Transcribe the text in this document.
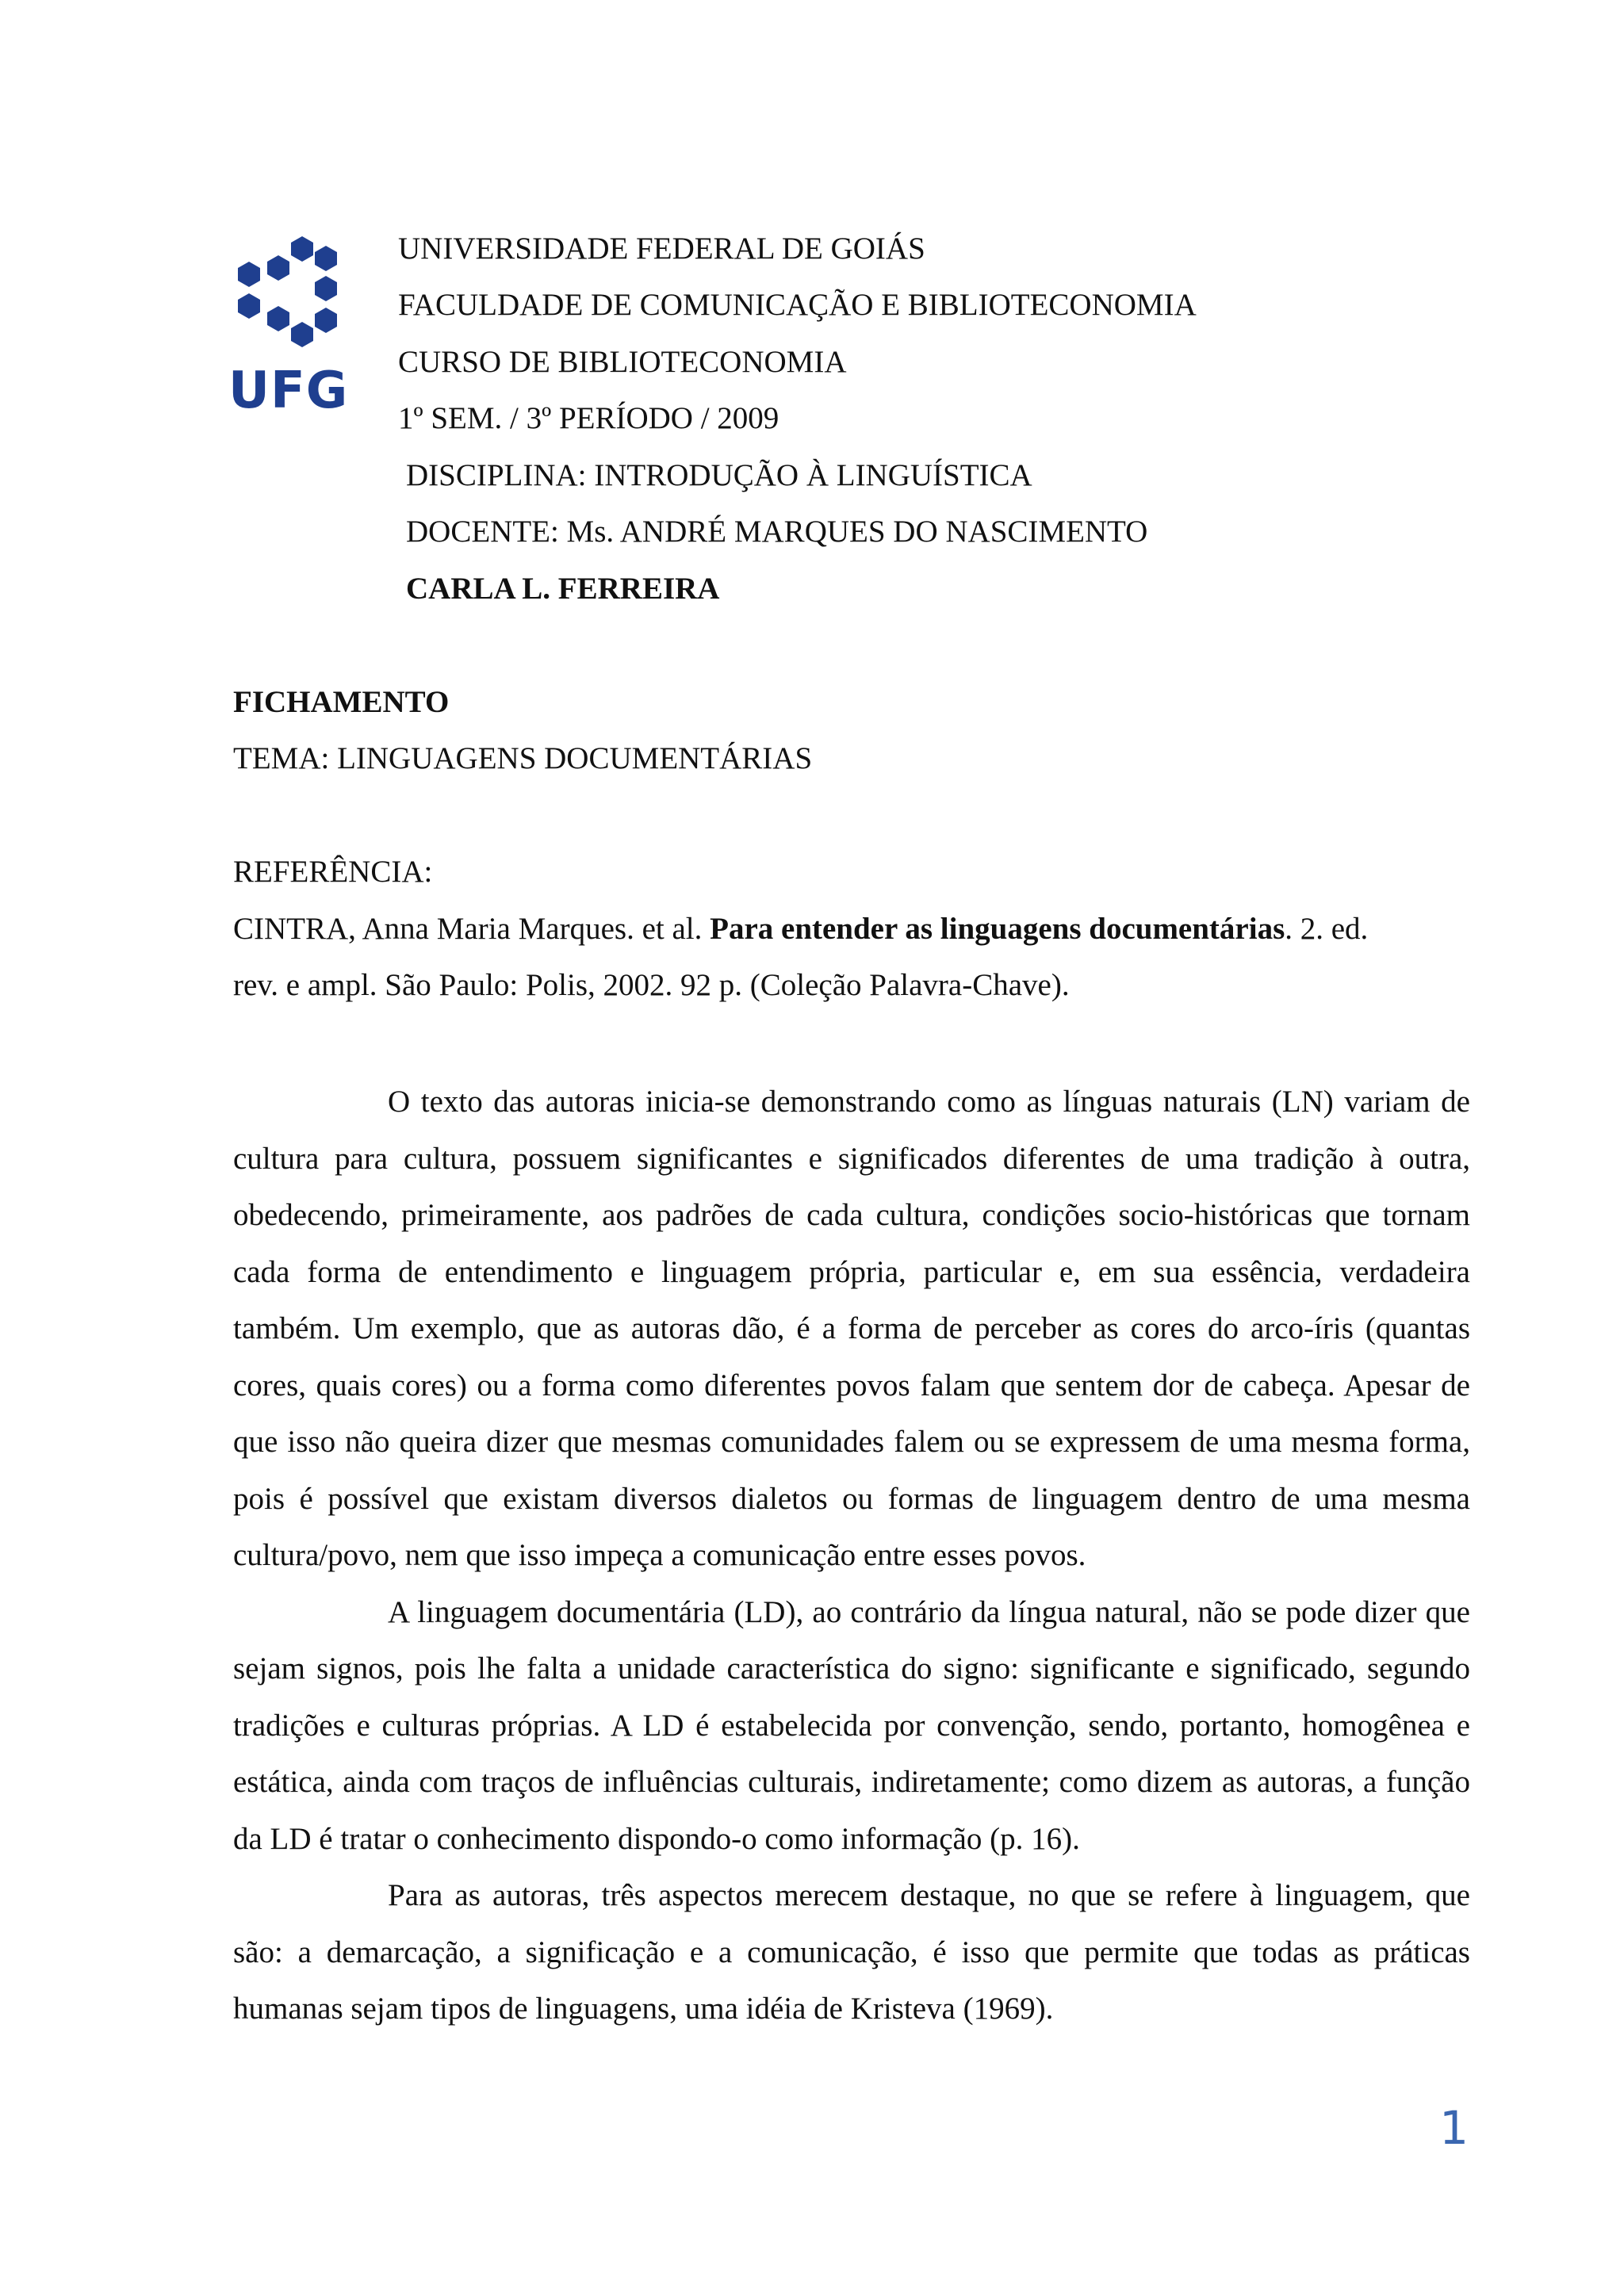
UFG
UNIVERSIDADE FEDERAL DE GOIÁS
FACULDADE DE COMUNICAÇÃO E BIBLIOTECONOMIA
CURSO DE BIBLIOTECONOMIA
1º SEM. / 3º PERÍODO / 2009
DISCIPLINA: INTRODUÇÃO À LINGUÍSTICA
DOCENTE: Ms. ANDRÉ MARQUES DO NASCIMENTO
CARLA L. FERREIRA
FICHAMENTO
TEMA: LINGUAGENS DOCUMENTÁRIAS
REFERÊNCIA:
CINTRA, Anna Maria Marques. et al. Para entender as linguagens documentárias. 2. ed.
rev. e ampl. São Paulo: Polis, 2002. 92 p. (Coleção Palavra-Chave).

O texto das autoras inicia-se demonstrando como as línguas naturais (LN) variam de cultura para cultura, possuem significantes e significados diferentes de uma tradição à outra, obedecendo, primeiramente, aos padrões de cada cultura, condições socio-históricas que tornam cada forma de entendimento e linguagem própria, particular e, em sua essência, verdadeira também. Um exemplo, que as autoras dão, é a forma de perceber as cores do arco-íris (quantas cores, quais cores) ou a forma como diferentes povos falam que sentem dor de cabeça. Apesar de que isso não queira dizer que mesmas comunidades falem ou se expressem de uma mesma forma, pois é possível que existam diversos dialetos ou formas de linguagem dentro de uma mesma cultura/povo, nem que isso impeça a comunicação entre esses povos.

A linguagem documentária (LD), ao contrário da língua natural, não se pode dizer que sejam signos, pois lhe falta a unidade característica do signo: significante e significado, segundo tradições e culturas próprias. A LD é estabelecida por convenção, sendo, portanto, homogênea e estática, ainda com traços de influências culturais, indiretamente; como dizem as autoras, a função da LD é tratar o conhecimento dispondo-o como informação (p. 16).

Para as autoras, três aspectos merecem destaque, no que se refere à linguagem, que são: a demarcação, a significação e a comunicação, é isso que permite que todas as práticas humanas sejam tipos de linguagens, uma idéia de Kristeva (1969).

1
